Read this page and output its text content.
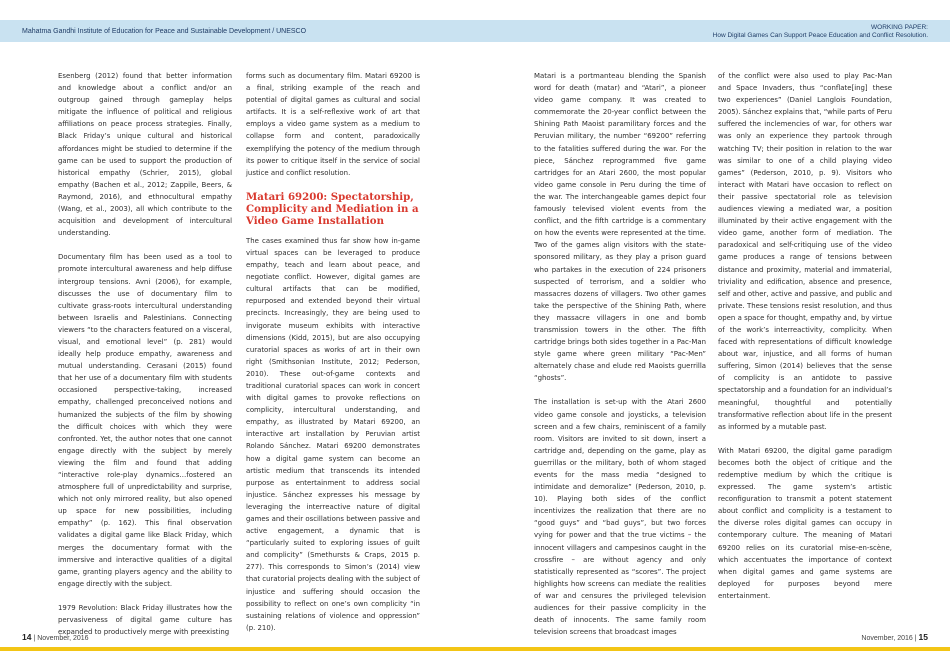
Mahatma Gandhi Institute of Education for Peace and Sustainable Development / UNESCO
WORKING PAPER:
How Digital Games Can Support Peace Education and Conflict Resolution.

Esenberg (2012) found that better information and knowledge about a conflict and/or an outgroup gained through gameplay helps mitigate the influence of political and religious affiliations on peace process strategies. Finally, Black Friday’s unique cultural and historical affordances might be studied to determine if the game can be used to support the production of historical empathy (Schrier, 2015), global empathy (Bachen et al., 2012; Zappile, Beers, & Raymond, 2016), and ethnocultural empathy (Wang, et al., 2003), all which contribute to the acquisition and development of intercultural understanding.

Documentary film has been used as a tool to promote intercultural awareness and help diffuse intergroup tensions. Avni (2006), for example, discusses the use of documentary film to cultivate grass-roots intercultural understanding between Israelis and Palestinians. Connecting viewers “to the characters featured on a visceral, visual, and emotional level” (p. 281) would ideally help produce empathy, awareness and mutual understanding. Cerasani (2015) found that her use of a documentary film with students occasioned perspective-taking, increased empathy, challenged preconceived notions and humanized the subjects of the film by showing the difficult choices with which they were confronted. Yet, the author notes that one cannot engage directly with the subject by merely viewing the film and found that adding “interactive role-play dynamics…fostered an atmosphere full of unpredictability and surprise, which not only mirrored reality, but also opened up space for new possibilities, including empathy” (p. 162). This final observation validates a digital game like Black Friday, which merges the documentary format with the immersive and interactive qualities of a digital game, granting players agency and the ability to engage directly with the subject.

1979 Revolution: Black Friday illustrates how the pervasiveness of digital game culture has expanded to productively merge with preexisting

forms such as documentary film. Matari 69200 is a final, striking example of the reach and potential of digital games as cultural and social artifacts. It is a self-reflexive work of art that employs a video game system as a medium to collapse form and content, paradoxically exemplifying the potency of the medium through its power to critique itself in the service of social justice and conflict resolution.

Matari 69200: Spectatorship, Complicity and Mediation in a Video Game Installation

The cases examined thus far show how in-game virtual spaces can be leveraged to produce empathy, teach and learn about peace, and negotiate conflict. However, digital games are cultural artifacts that can be modified, repurposed and extended beyond their virtual precincts. Increasingly, they are being used to invigorate museum exhibits with interactive dimensions (Kidd, 2015), but are also occupying curatorial spaces as works of art in their own right (Smithsonian Institute, 2012; Pederson, 2010). These out-of-game contexts and traditional curatorial spaces can work in concert with digital games to provoke reflections on complicity, intercultural understanding, and empathy, as illustrated by Matari 69200, an interactive art installation by Peruvian artist Rolando Sánchez. Matari 69200 demonstrates how a digital game system can become an artistic medium that transcends its intended purpose as entertainment to address social injustice. Sánchez expresses his message by leveraging the interreactive nature of digital games and their oscillations between passive and active engagement, a dynamic that is “particularly suited to exploring issues of guilt and complicity” (Smethursts & Craps, 2015 p. 277). This corresponds to Simon’s (2014) view that curatorial projects dealing with the subject of injustice and suffering should occasion the possibility to reflect on one’s own complicity “in sustaining relations of violence and oppression” (p. 210).

Matari is a portmanteau blending the Spanish word for death (matar) and “Atari”, a pioneer video game company. It was created to commemorate the 20-year conflict between the Shining Path Maoist paramilitary forces and the Peruvian military, the number “69200” referring to the fatalities suffered during the war. For the piece, Sánchez reprogrammed five game cartridges for an Atari 2600, the most popular video game console in Peru during the time of the war. The interchangeable games depict four famously televised violent events from the conflict, and the fifth cartridge is a commentary on how the events were represented at the time. Two of the games align visitors with the state-sponsored military, as they play a prison guard who partakes in the execution of 224 prisoners suspected of terrorism, and a soldier who massacres dozens of villagers. Two other games take the perspective of the Shining Path, where they massacre villagers in one and bomb transmission towers in the other. The fifth cartridge brings both sides together in a Pac-Man style game where green military “Pac-Men” alternately chase and elude red Maoists guerrilla “ghosts”.

The installation is set-up with the Atari 2600 video game console and joysticks, a television screen and a few chairs, reminiscent of a family room. Visitors are invited to sit down, insert a cartridge and, depending on the game, play as guerrillas or the military, both of whom staged events for the mass media “designed to intimidate and demoralize” (Pederson, 2010, p. 10). Playing both sides of the conflict incentivizes the realization that there are no “good guys” and “bad guys”, but two forces vying for power and that the true victims – the innocent villagers and campesinos caught in the crossfire – are without agency and only statistically represented as “scores”. The project highlights how screens can mediate the realities of war and censures the privileged television audiences for their passive complicity in the death of innocents. The same family room television screens that broadcast images

of the conflict were also used to play Pac-Man and Space Invaders, thus “conflate[ing] these two experiences” (Daniel Langlois Foundation, 2005). Sánchez explains that, “while parts of Peru suffered the inclemencies of war, for others war was only an experience they partook through watching TV; their position in relation to the war was similar to one of a child playing video games” (Pederson, 2010, p. 9). Visitors who interact with Matari have occasion to reflect on their passive spectatorial role as television audiences viewing a mediated war, a position illuminated by their active engagement with the video game, another form of mediation. The paradoxical and self-critiquing use of the video game produces a range of tensions between distance and proximity, material and immaterial, triviality and edification, absence and presence, self and other, active and passive, and public and private. These tensions resist resolution, and thus open a space for thought, empathy and, by virtue of the work’s interreactivity, complicity. When faced with representations of difficult knowledge about war, injustice, and all forms of human suffering, Simon (2014) believes that the sense of complicity is an antidote to passive spectatorship and a foundation for an individual’s meaningful, thoughtful and potentially transformative reflection about life in the present as informed by a mutable past.

With Matari 69200, the digital game paradigm becomes both the object of critique and the redemptive medium by which the critique is expressed. The game system’s artistic reconfiguration to transmit a potent statement about conflict and complicity is a testament to the diverse roles digital games can occupy in contemporary culture. The meaning of Matari 69200 relies on its curatorial mise-en-scène, which accentuates the importance of context when digital games and game systems are deployed for purposes beyond mere entertainment.

14 | November, 2016	November, 2016 | 15
